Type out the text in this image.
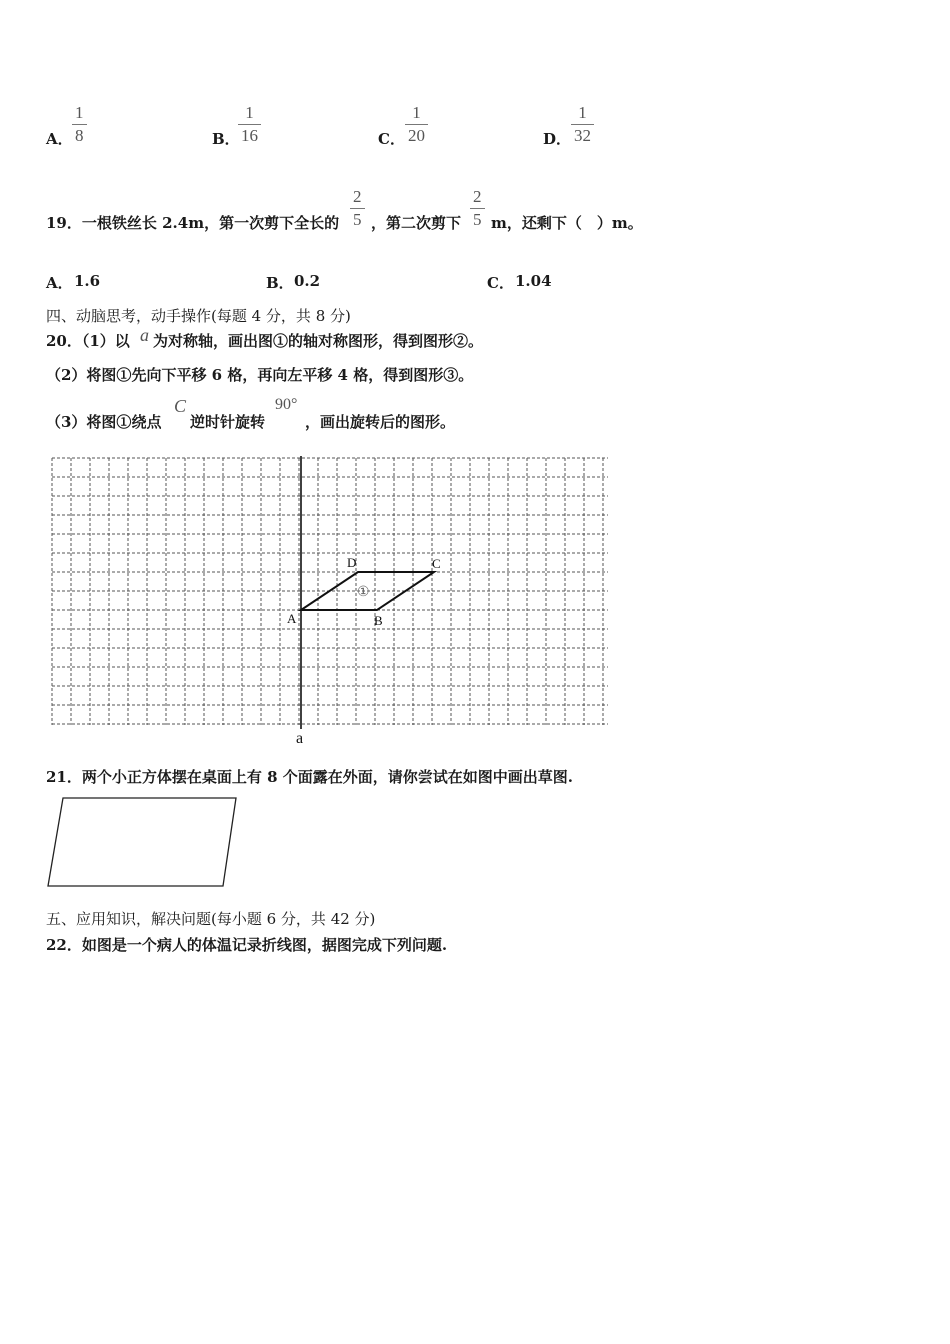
A．
1
8	B．
1
16	C．
1
20	D．
1
32
19．一根铁丝长 2.4m，第一次剪下全长的
2
5 ，第二次剪下
2
5 m，还剩下（　）m。
A． 1.6	B． 0.2	C． 1.04
四、动脑思考，动手操作(每题 4 分，共 8 分)
20．（1）以 a 为对称轴，画出图①的轴对称图形，得到图形②。
（2）将图①先向下平移 6 格，再向左平移 4 格，得到图形③。
（3）将图①绕点
C
逆时针旋转
90°
，画出旋转后的图形。
A	B
C
D
①
a
21．两个小正方体摆在桌面上有 8 个面露在外面，请你尝试在如图中画出草图.
五、应用知识，解决问题(每小题 6 分，共 42 分)
22．如图是一个病人的体温记录折线图，据图完成下列问题.
